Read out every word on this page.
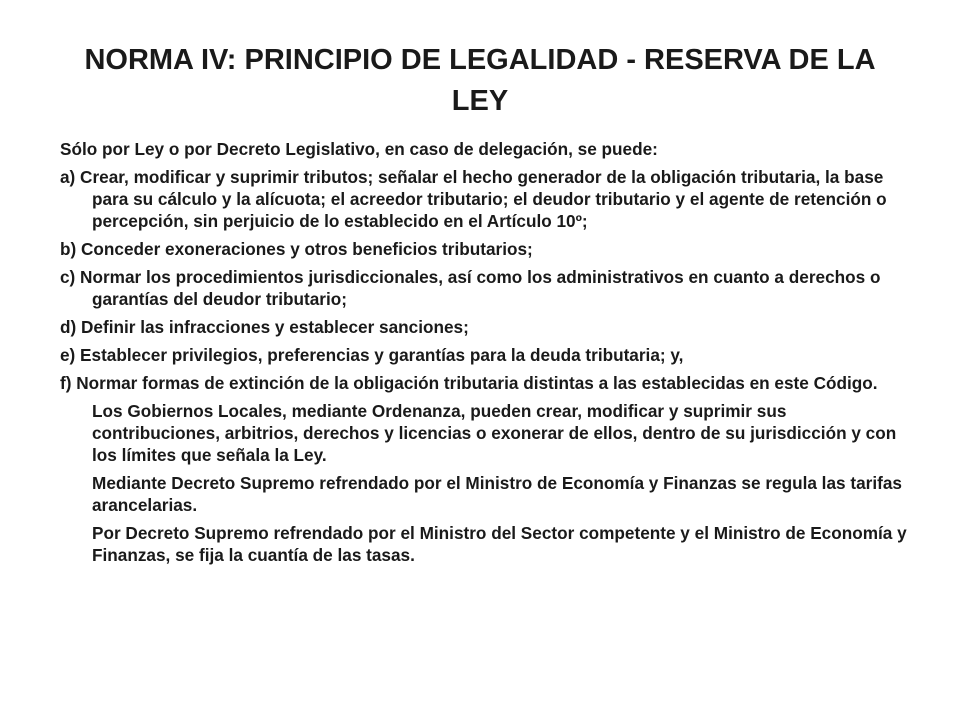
NORMA IV: PRINCIPIO DE LEGALIDAD - RESERVA DE LA LEY

Sólo por Ley o por Decreto Legislativo, en caso de delegación, se puede:

a) Crear, modificar y suprimir tributos; señalar el hecho generador de la obligación tributaria, la base para su cálculo y la alícuota; el acreedor tributario; el deudor tributario y el agente de retención o percepción, sin perjuicio de lo establecido en el Artículo 10º;
b) Conceder exoneraciones y otros beneficios tributarios;
c) Normar los procedimientos jurisdiccionales, así como los administrativos en cuanto a derechos o garantías del deudor tributario;
d) Definir las infracciones y establecer sanciones;
e) Establecer privilegios, preferencias y garantías para la deuda tributaria; y,
f) Normar formas de extinción de la obligación tributaria distintas a las establecidas en este Código.

Los Gobiernos Locales, mediante Ordenanza, pueden crear, modificar y suprimir sus contribuciones, arbitrios, derechos y licencias o exonerar de ellos, dentro de su jurisdicción y con los límites que señala la Ley.

Mediante Decreto Supremo refrendado por el Ministro de Economía y Finanzas se regula las tarifas arancelarias.

Por Decreto Supremo refrendado por el Ministro del Sector competente y el Ministro de Economía y Finanzas, se fija la cuantía de las tasas.
